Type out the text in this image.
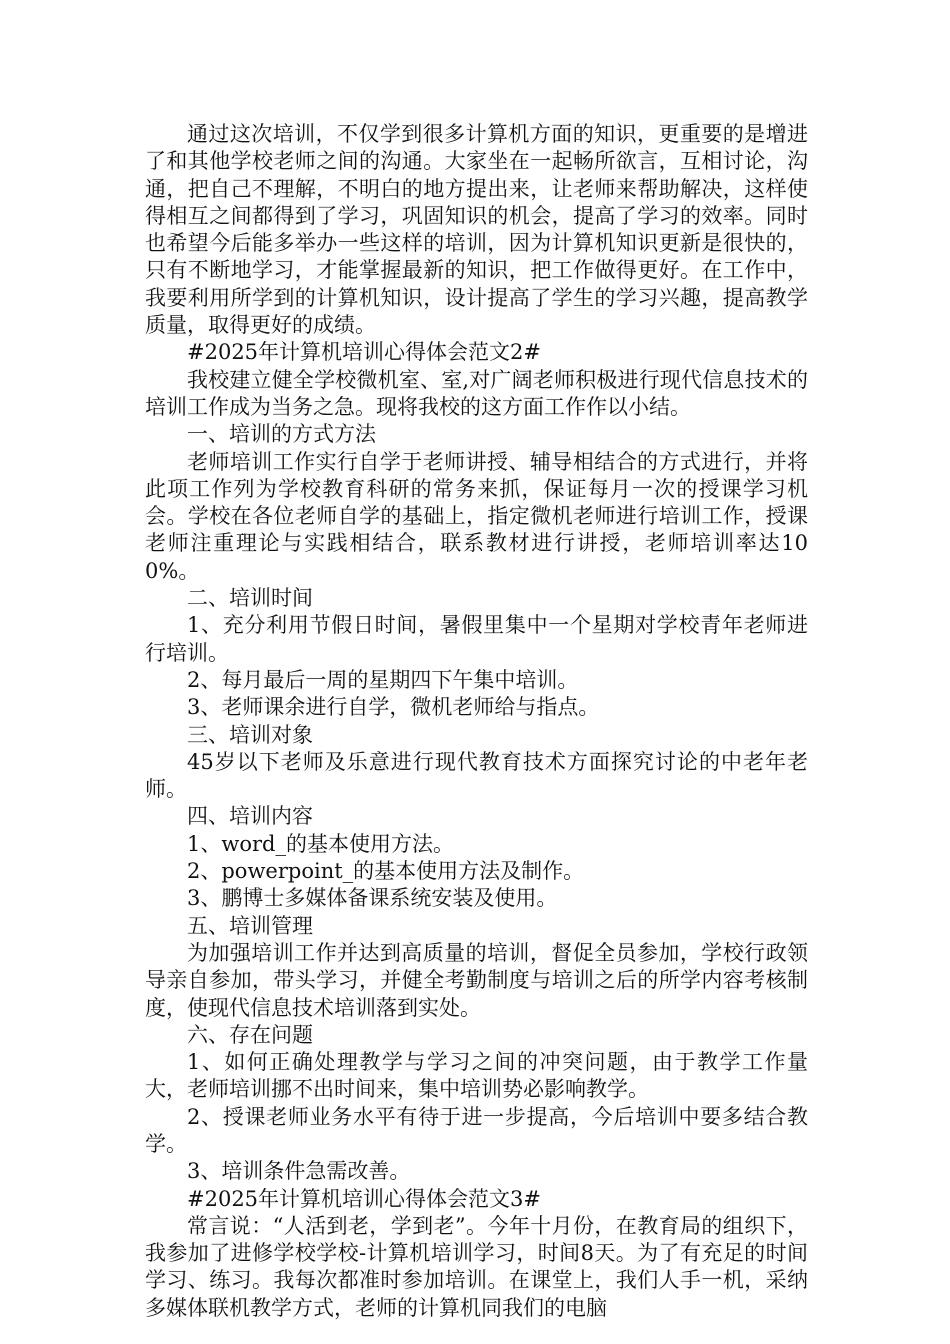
通过这次培训，不仅学到很多计算机方面的知识，更重要的是增进了和其他学校老师之间的沟通。大家坐在一起畅所欲言，互相讨论，沟通，把自己不理解，不明白的地方提出来，让老师来帮助解决，这样使得相互之间都得到了学习，巩固知识的机会，提高了学习的效率。同时也希望今后能多举办一些这样的培训，因为计算机知识更新是很快的，只有不断地学习，才能掌握最新的知识，把工作做得更好。在工作中，我要利用所学到的计算机知识，设计提高了学生的学习兴趣，提高教学质量，取得更好的成绩。

#2025年计算机培训心得体会范文2#

我校建立健全学校微机室、室,对广阔老师积极进行现代信息技术的培训工作成为当务之急。现将我校的这方面工作作以小结。

一、培训的方式方法

老师培训工作实行自学于老师讲授、辅导相结合的方式进行，并将此项工作列为学校教育科研的常务来抓，保证每月一次的授课学习机会。学校在各位老师自学的基础上，指定微机老师进行培训工作，授课老师注重理论与实践相结合，联系教材进行讲授，老师培训率达100%。

二、培训时间

1、充分利用节假日时间，暑假里集中一个星期对学校青年老师进行培训。

2、每月最后一周的星期四下午集中培训。

3、老师课余进行自学，微机老师给与指点。

三、培训对象

45岁以下老师及乐意进行现代教育技术方面探究讨论的中老年老师。

四、培训内容

1、word_的基本使用方法。

2、powerpoint_的基本使用方法及制作。

3、鹏博士多媒体备课系统安装及使用。

五、培训管理

为加强培训工作并达到高质量的培训，督促全员参加，学校行政领导亲自参加，带头学习，并健全考勤制度与培训之后的所学内容考核制度，使现代信息技术培训落到实处。

六、存在问题

1、如何正确处理教学与学习之间的冲突问题，由于教学工作量大，老师培训挪不出时间来，集中培训势必影响教学。

2、授课老师业务水平有待于进一步提高，今后培训中要多结合教学。

3、培训条件急需改善。

#2025年计算机培训心得体会范文3#

常言说：“人活到老，学到老”。今年十月份，在教育局的组织下，我参加了进修学校学校-计算机培训学习，时间8天。为了有充足的时间学习、练习。我每次都准时参加培训。在课堂上，我们人手一机，采纳多媒体联机教学方式，老师的计算机同我们的电脑
